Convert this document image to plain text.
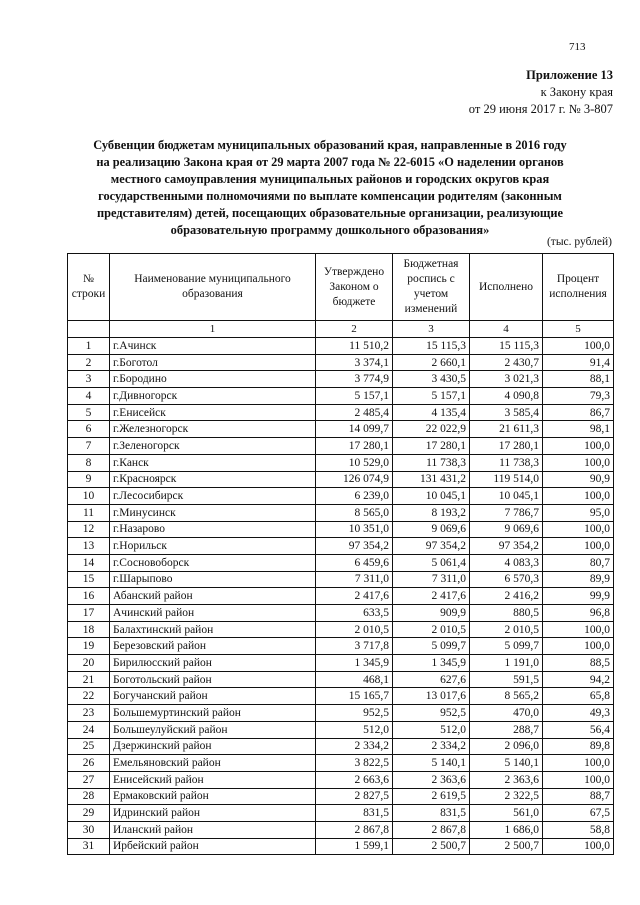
713
Приложение 13
к Закону края
от 29 июня 2017 г. № 3-807
Субвенции бюджетам муниципальных образований края, направленные в 2016 году
на реализацию Закона края от 29 марта 2007 года № 22-6015 «О наделении органов
местного самоуправления муниципальных районов и городских округов края
государственными полномочиями по выплате компенсации родителям (законным
представителям) детей, посещающих образовательные организации, реализующие
образовательную программу дошкольного образования»
(тыс. рублей)
№ строки	Наименование муниципального образования	Утверждено Законом о бюджете	Бюджетная роспись с учетом изменений	Исполнено	Процент исполнения
	1	2	3	4	5
1	г.Ачинск	11 510,2	15 115,3	15 115,3	100,0
2	г.Боготол	3 374,1	2 660,1	2 430,7	91,4
3	г.Бородино	3 774,9	3 430,5	3 021,3	88,1
4	г.Дивногорск	5 157,1	5 157,1	4 090,8	79,3
5	г.Енисейск	2 485,4	4 135,4	3 585,4	86,7
6	г.Железногорск	14 099,7	22 022,9	21 611,3	98,1
7	г.Зеленогорск	17 280,1	17 280,1	17 280,1	100,0
8	г.Канск	10 529,0	11 738,3	11 738,3	100,0
9	г.Красноярск	126 074,9	131 431,2	119 514,0	90,9
10	г.Лесосибирск	6 239,0	10 045,1	10 045,1	100,0
11	г.Минусинск	8 565,0	8 193,2	7 786,7	95,0
12	г.Назарово	10 351,0	9 069,6	9 069,6	100,0
13	г.Норильск	97 354,2	97 354,2	97 354,2	100,0
14	г.Сосновоборск	6 459,6	5 061,4	4 083,3	80,7
15	г.Шарыпово	7 311,0	7 311,0	6 570,3	89,9
16	Абанский район	2 417,6	2 417,6	2 416,2	99,9
17	Ачинский район	633,5	909,9	880,5	96,8
18	Балахтинский район	2 010,5	2 010,5	2 010,5	100,0
19	Березовский район	3 717,8	5 099,7	5 099,7	100,0
20	Бирилюсский район	1 345,9	1 345,9	1 191,0	88,5
21	Боготольский район	468,1	627,6	591,5	94,2
22	Богучанский район	15 165,7	13 017,6	8 565,2	65,8
23	Большемуртинский район	952,5	952,5	470,0	49,3
24	Большеулуйский район	512,0	512,0	288,7	56,4
25	Дзержинский район	2 334,2	2 334,2	2 096,0	89,8
26	Емельяновский район	3 822,5	5 140,1	5 140,1	100,0
27	Енисейский район	2 663,6	2 363,6	2 363,6	100,0
28	Ермаковский район	2 827,5	2 619,5	2 322,5	88,7
29	Идринский район	831,5	831,5	561,0	67,5
30	Иланский район	2 867,8	2 867,8	1 686,0	58,8
31	Ирбейский район	1 599,1	2 500,7	2 500,7	100,0
